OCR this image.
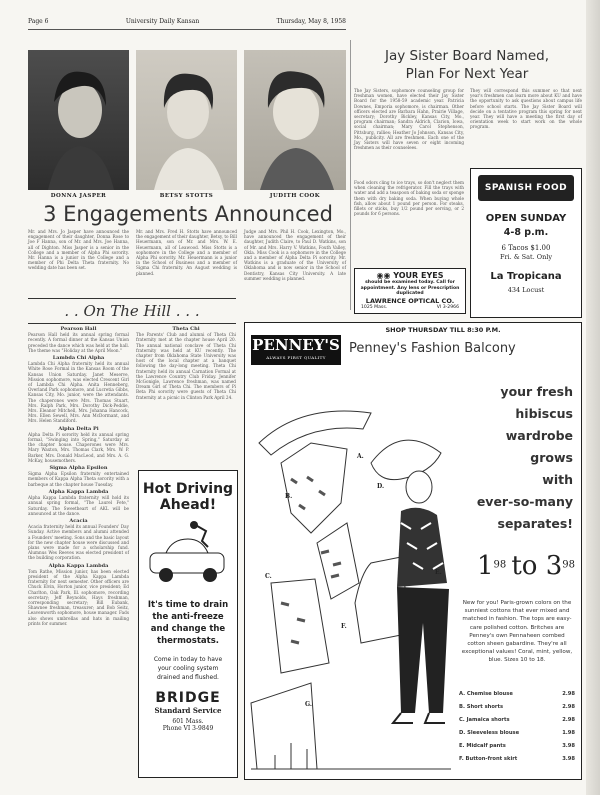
Page 6	University Daily Kansan	Thursday, May 8, 1958
DONNA JASPER	BETSY STOTTS	JUDITH COOK
3 Engagements Announced
Mr. and Mrs. Jo Jasper have announced the engagement of their daughter, Donna Rose to Joe F Hanna, son of Mr. and Mrs. Joe Hanna, all of Dighton. Miss Jasper is a senior in the College and a member of Alpha Phi sorority. Mr. Hanna is a junior in the College and a member of Phi Delta Theta fraternity. No wedding date has been set.
Mr. and Mrs. Fred H. Stotts have announced the engagement of their daughter, Betsy, to Bill Heuermann, son of Mr. and Mrs. W. E. Heuermann, all of Leawood. Miss Stotts is a sophomore in the College and a member of Alpha Phi sorority. Mr. Heuermann is a junior in the School of Business and a member of Sigma Chi fraternity. An August wedding is planned.
Judge and Mrs. Phil H. Cook, Lexington, Mo., have announced the engagement of their daughter, Judith Claire, to Paul D. Watkins, son of Mr. and Mrs. Harry V. Watkins, Fouth Valley, Okla. Miss Cook is a sophomore in the College and a member of Alpha Delta Pi sorority. Mr. Watkins is a graduate of the University of Oklahoma and is now senior in the School of Dentistry, Kansas City University. A late summer wedding is planned.
. . On The Hill . . .
Pearson Hall

Pearson Hall held its annual spring formal recently. A formal dinner at the Kansas Union preceded the dance which was held at the hall. The theme was "Holiday at the April Moon."

Lambda Chi Alpha

Lambda Chi Alpha fraternity held its annual White Rose Formal in the Kansas Room of the Kansas Union Saturday. Janet Meserve, Mission sophomore, was elected Crescent Girl of Lambda Chi Alpha. Anita Henneberg, Overland Park sophomore, and Lucretia Gibbs, Kansas City, Mo. junior, were the attendants. The chaperones were Mrs. Thomas Stuart, Mrs. Ralph Park, Mrs. Dorothy Dick-Peddie, Mrs. Eleanor Mitchell, Mrs. Johanna Hancock, Mrs. Ellen Sewell, Mrs. Ann McDormant, and Mrs. Helen Standiford.

Alpha Delta Pi

Alpha Delta Pi sorority held its annual spring formal, "Swinging into Spring," Saturday at the chapter house. Chaperones were Mrs. Mary Waxton, Mrs. Thomas Clark, Mrs. W. P. Barker, Mrs. Donald MacLeod, and Mrs. A. G. McKay, housemothers.

Sigma Alpha Epsilon

Sigma Alpha Epsilon fraternity entertained members of Kappa Alpha Theta sorority with a barbeque at the chapter house Tuesday.

Alpha Kappa Lambda

Alpha Kappa Lambda fraternity will hold its annual spring formal, "The Laurel Fete," Saturday. The Sweetheart of AKL will be announced at the dance.

Acacia

Acacia fraternity held its annual Founders' Day Sunday. Active members and alumni attended a Founders' meeting. Sons and the basic layout for the new chapter house were discussed and plans were made for a scholarship fund. Alumnus Wes Reeves was elected president of the building corporation.

Alpha Kappa Lambda

Tom Rathe, Mission junior, has been elected president of the Alpha Kappa Lambda fraternity for next semester. Other officers are Chuck Elvin, Horton junior, vice president; Ed Charlton, Oak Park, Ill. sophomore, recording secretary; Jeff Reynolds, Hays freshman, corresponding secretary; Bill Eubank, Shawnee freshman, treasurer; and Bob Seitz, Leavenworth sophomore, house manager. Fads also shows umbrellas and hats in mailing prints for summer.

Theta Chi

The Parents' Club and alumni of Theta Chi fraternity met at the chapter house April 20. The annual national conclave of Theta Chi fraternity was held at KU recently. The chapter from Oklahoma State University was host of the local chapter at a banquet following the day-long meeting. Theta Chi fraternity held its annual Carnation Formal at the Lawrence Country Club Friday. Jennifer McGonigle, Lawrence freshman, was named Dream Girl of Theta Chi. The members of Pi Beta Phi sorority were guests of Theta Chi fraternity at a picnic in Clinton Park April 24.

Hot Driving
Ahead!
It's time to drain the anti-freeze and change the thermostats.
Come in today to have your cooling system drained and flushed.
BRIDGE
Standard Service
601 Mass.
Phone VI 3-9849
Jay Sister Board Named,
Plan For Next Year
The Jay Sisters, sophomore counseling group for freshman women, have elected their Jay Sister Board for the 1958-59 academic year. Patricia Downes, Emporia sophomore, is chairman. Other officers elected are Barbara Hahn, Prairie Village, secretary; Dorothy Bickley, Kansas City, Mo., program chairman; Sandra Aldrich, Clarion, Iowa, social chairman; Mary Carol Stephenson, Pittsburg, rallies; Heather Jo Johnson, Kansas City, Mo., publicity. All are freshmen. Each one of the Jay Sisters will have seven or eight incoming freshmen as their counselees.
They will correspond this summer so that next year's freshmen can learn more about KU and have the opportunity to ask questions about campus life before school starts. The Jay Sister Board will decide on a tentative program this spring for next year. They will have a meeting the first day of orientation week to start work on the whole program.
Food odors cling to ice trays, so don't neglect them when cleaning the refrigerator. Fill the trays with water and add a teaspoon of baking soda or sponge them with dry baking soda. When buying whole fish, allow about 1 pound per person. For steaks, fillets or sticks, buy 1/2 pound per serving, or 2 pounds for 6 persons.
SPANISH FOOD
OPEN SUNDAY
4-8 p.m.
6 Tacos $1.00
Fri. & Sat. Only
La Tropicana
434 Locust
◉◉ YOUR EYES
should be examined today. Call for appointment. Any lens or Prescription duplicated
LAWRENCE OPTICAL CO.
1025 Mass.	VI 3-2966
SHOP THURSDAY TILL 8:30 P.M.
PENNEY'S
ALWAYS FIRST QUALITY
Penney's Fashion Balcony
A.
B.
C.
D.
E.
F.
G.
your fresh
hibiscus
wardrobe
grows
with
ever-so-many
separates!
$1^{98}$ to $3^{98}$
New for you! Paris-grown colors on the sunniest cottons that ever mixed and matched in fashion. The tops are easy-care polished cotton. Britches are Penney's own Pennaheen combed cotton sheen gabardine. They're all exceptional values! Coral, mint, yellow, blue. Sizes 10 to 18.
A. Chemise blouse	2.98
B. Short shorts	2.98
C. Jamaica shorts	2.98
D. Sleeveless blouse	1.98
E. Midcalf pants	3.98
F. Button-front skirt	3.98
